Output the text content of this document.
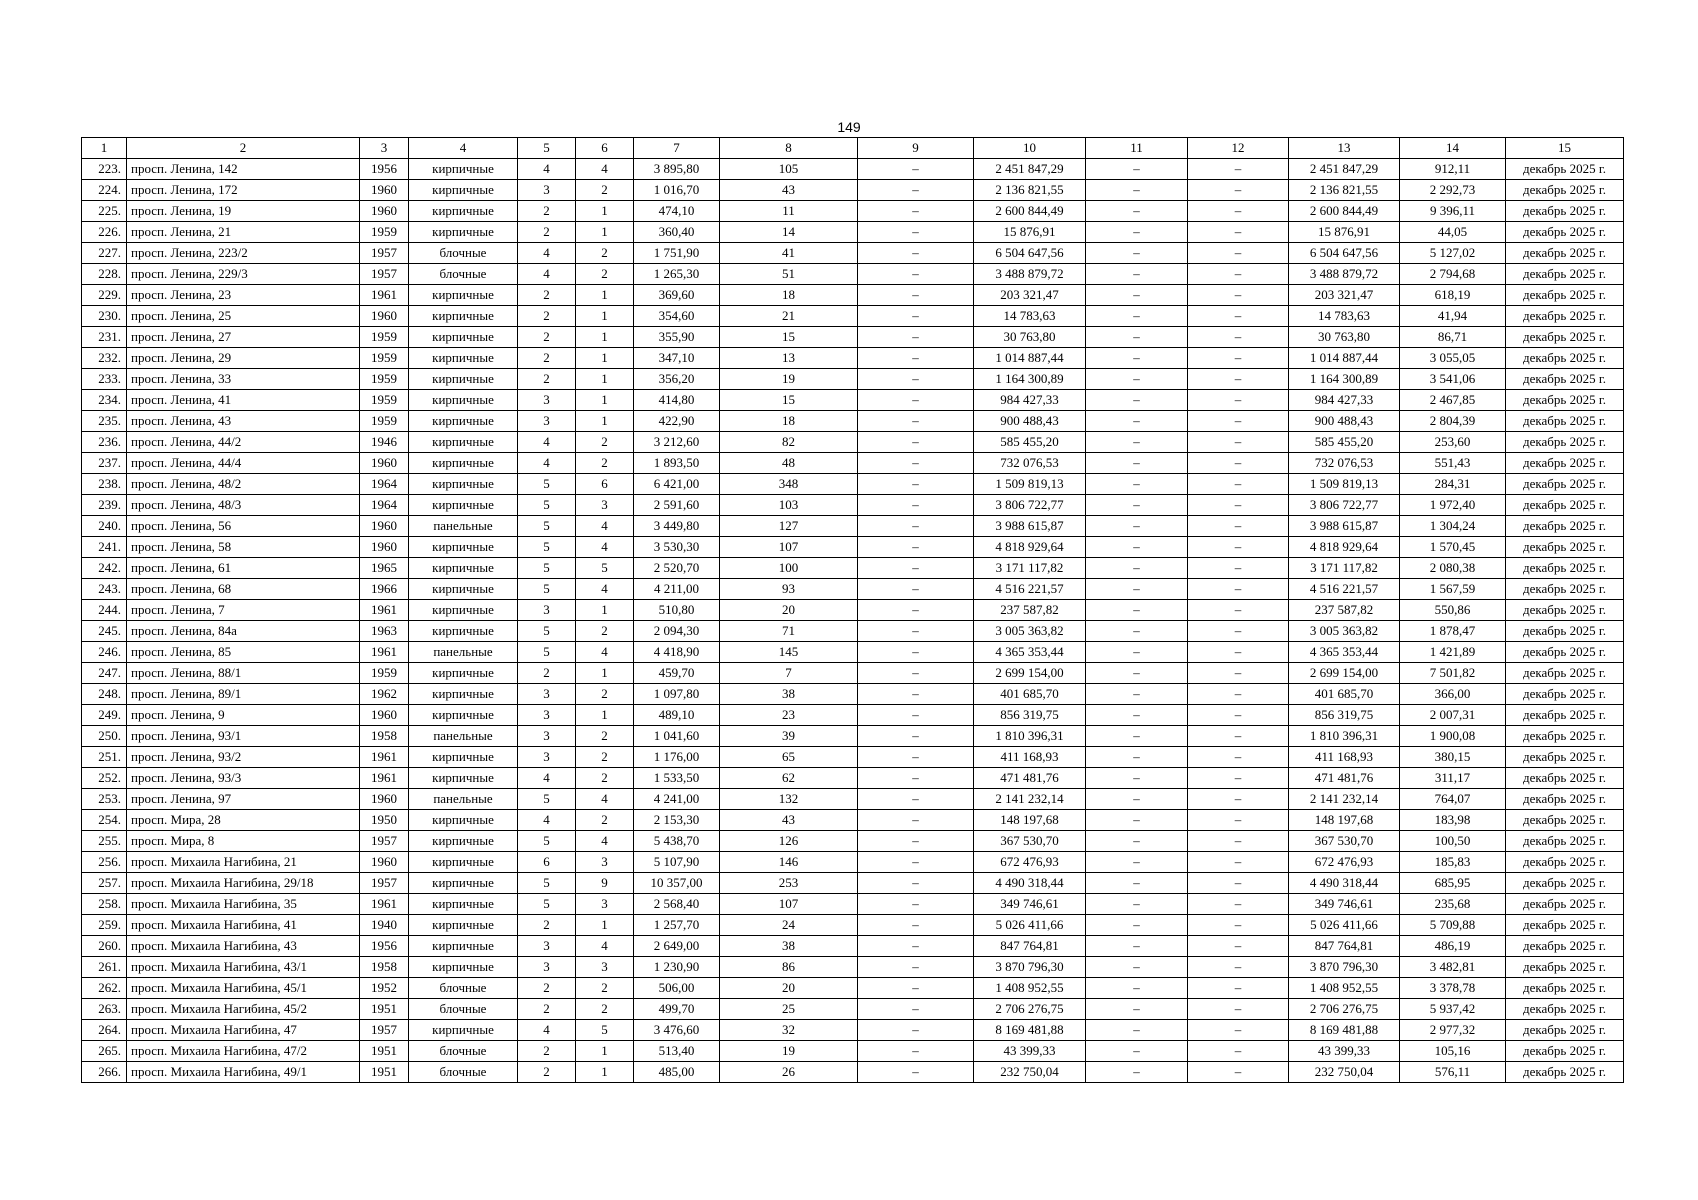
149
1	2	3	4	5	6	7	8	9	10	11	12	13	14	15
223.	просп. Ленина, 142	1956	кирпичные	4	4	3 895,80	105	–	2 451 847,29	–	–	2 451 847,29	912,11	декабрь 2025 г.
224.	просп. Ленина, 172	1960	кирпичные	3	2	1 016,70	43	–	2 136 821,55	–	–	2 136 821,55	2 292,73	декабрь 2025 г.
225.	просп. Ленина, 19	1960	кирпичные	2	1	474,10	11	–	2 600 844,49	–	–	2 600 844,49	9 396,11	декабрь 2025 г.
226.	просп. Ленина, 21	1959	кирпичные	2	1	360,40	14	–	15 876,91	–	–	15 876,91	44,05	декабрь 2025 г.
227.	просп. Ленина, 223/2	1957	блочные	4	2	1 751,90	41	–	6 504 647,56	–	–	6 504 647,56	5 127,02	декабрь 2025 г.
228.	просп. Ленина, 229/3	1957	блочные	4	2	1 265,30	51	–	3 488 879,72	–	–	3 488 879,72	2 794,68	декабрь 2025 г.
229.	просп. Ленина, 23	1961	кирпичные	2	1	369,60	18	–	203 321,47	–	–	203 321,47	618,19	декабрь 2025 г.
230.	просп. Ленина, 25	1960	кирпичные	2	1	354,60	21	–	14 783,63	–	–	14 783,63	41,94	декабрь 2025 г.
231.	просп. Ленина, 27	1959	кирпичные	2	1	355,90	15	–	30 763,80	–	–	30 763,80	86,71	декабрь 2025 г.
232.	просп. Ленина, 29	1959	кирпичные	2	1	347,10	13	–	1 014 887,44	–	–	1 014 887,44	3 055,05	декабрь 2025 г.
233.	просп. Ленина, 33	1959	кирпичные	2	1	356,20	19	–	1 164 300,89	–	–	1 164 300,89	3 541,06	декабрь 2025 г.
234.	просп. Ленина, 41	1959	кирпичные	3	1	414,80	15	–	984 427,33	–	–	984 427,33	2 467,85	декабрь 2025 г.
235.	просп. Ленина, 43	1959	кирпичные	3	1	422,90	18	–	900 488,43	–	–	900 488,43	2 804,39	декабрь 2025 г.
236.	просп. Ленина, 44/2	1946	кирпичные	4	2	3 212,60	82	–	585 455,20	–	–	585 455,20	253,60	декабрь 2025 г.
237.	просп. Ленина, 44/4	1960	кирпичные	4	2	1 893,50	48	–	732 076,53	–	–	732 076,53	551,43	декабрь 2025 г.
238.	просп. Ленина, 48/2	1964	кирпичные	5	6	6 421,00	348	–	1 509 819,13	–	–	1 509 819,13	284,31	декабрь 2025 г.
239.	просп. Ленина, 48/3	1964	кирпичные	5	3	2 591,60	103	–	3 806 722,77	–	–	3 806 722,77	1 972,40	декабрь 2025 г.
240.	просп. Ленина, 56	1960	панельные	5	4	3 449,80	127	–	3 988 615,87	–	–	3 988 615,87	1 304,24	декабрь 2025 г.
241.	просп. Ленина, 58	1960	кирпичные	5	4	3 530,30	107	–	4 818 929,64	–	–	4 818 929,64	1 570,45	декабрь 2025 г.
242.	просп. Ленина, 61	1965	кирпичные	5	5	2 520,70	100	–	3 171 117,82	–	–	3 171 117,82	2 080,38	декабрь 2025 г.
243.	просп. Ленина, 68	1966	кирпичные	5	4	4 211,00	93	–	4 516 221,57	–	–	4 516 221,57	1 567,59	декабрь 2025 г.
244.	просп. Ленина, 7	1961	кирпичные	3	1	510,80	20	–	237 587,82	–	–	237 587,82	550,86	декабрь 2025 г.
245.	просп. Ленина, 84а	1963	кирпичные	5	2	2 094,30	71	–	3 005 363,82	–	–	3 005 363,82	1 878,47	декабрь 2025 г.
246.	просп. Ленина, 85	1961	панельные	5	4	4 418,90	145	–	4 365 353,44	–	–	4 365 353,44	1 421,89	декабрь 2025 г.
247.	просп. Ленина, 88/1	1959	кирпичные	2	1	459,70	7	–	2 699 154,00	–	–	2 699 154,00	7 501,82	декабрь 2025 г.
248.	просп. Ленина, 89/1	1962	кирпичные	3	2	1 097,80	38	–	401 685,70	–	–	401 685,70	366,00	декабрь 2025 г.
249.	просп. Ленина, 9	1960	кирпичные	3	1	489,10	23	–	856 319,75	–	–	856 319,75	2 007,31	декабрь 2025 г.
250.	просп. Ленина, 93/1	1958	панельные	3	2	1 041,60	39	–	1 810 396,31	–	–	1 810 396,31	1 900,08	декабрь 2025 г.
251.	просп. Ленина, 93/2	1961	кирпичные	3	2	1 176,00	65	–	411 168,93	–	–	411 168,93	380,15	декабрь 2025 г.
252.	просп. Ленина, 93/3	1961	кирпичные	4	2	1 533,50	62	–	471 481,76	–	–	471 481,76	311,17	декабрь 2025 г.
253.	просп. Ленина, 97	1960	панельные	5	4	4 241,00	132	–	2 141 232,14	–	–	2 141 232,14	764,07	декабрь 2025 г.
254.	просп. Мира, 28	1950	кирпичные	4	2	2 153,30	43	–	148 197,68	–	–	148 197,68	183,98	декабрь 2025 г.
255.	просп. Мира, 8	1957	кирпичные	5	4	5 438,70	126	–	367 530,70	–	–	367 530,70	100,50	декабрь 2025 г.
256.	просп. Михаила Нагибина, 21	1960	кирпичные	6	3	5 107,90	146	–	672 476,93	–	–	672 476,93	185,83	декабрь 2025 г.
257.	просп. Михаила Нагибина, 29/18	1957	кирпичные	5	9	10 357,00	253	–	4 490 318,44	–	–	4 490 318,44	685,95	декабрь 2025 г.
258.	просп. Михаила Нагибина, 35	1961	кирпичные	5	3	2 568,40	107	–	349 746,61	–	–	349 746,61	235,68	декабрь 2025 г.
259.	просп. Михаила Нагибина, 41	1940	кирпичные	2	1	1 257,70	24	–	5 026 411,66	–	–	5 026 411,66	5 709,88	декабрь 2025 г.
260.	просп. Михаила Нагибина, 43	1956	кирпичные	3	4	2 649,00	38	–	847 764,81	–	–	847 764,81	486,19	декабрь 2025 г.
261.	просп. Михаила Нагибина, 43/1	1958	кирпичные	3	3	1 230,90	86	–	3 870 796,30	–	–	3 870 796,30	3 482,81	декабрь 2025 г.
262.	просп. Михаила Нагибина, 45/1	1952	блочные	2	2	506,00	20	–	1 408 952,55	–	–	1 408 952,55	3 378,78	декабрь 2025 г.
263.	просп. Михаила Нагибина, 45/2	1951	блочные	2	2	499,70	25	–	2 706 276,75	–	–	2 706 276,75	5 937,42	декабрь 2025 г.
264.	просп. Михаила Нагибина, 47	1957	кирпичные	4	5	3 476,60	32	–	8 169 481,88	–	–	8 169 481,88	2 977,32	декабрь 2025 г.
265.	просп. Михаила Нагибина, 47/2	1951	блочные	2	1	513,40	19	–	43 399,33	–	–	43 399,33	105,16	декабрь 2025 г.
266.	просп. Михаила Нагибина, 49/1	1951	блочные	2	1	485,00	26	–	232 750,04	–	–	232 750,04	576,11	декабрь 2025 г.
